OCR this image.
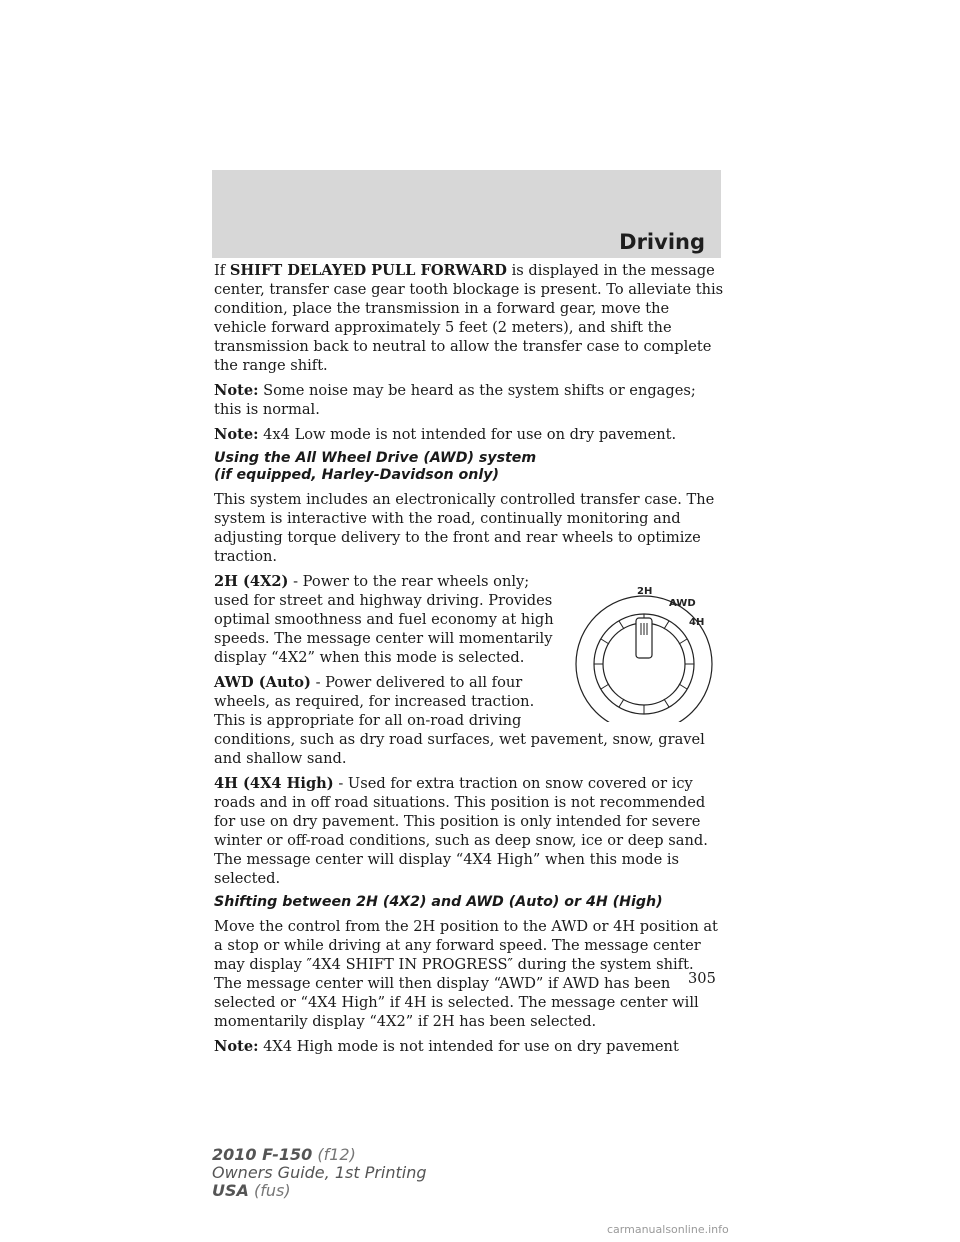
Driving

If SHIFT DELAYED PULL FORWARD is displayed in the message center, transfer case gear tooth blockage is present. To alleviate this condition, place the transmission in a forward gear, move the vehicle forward approximately 5 feet (2 meters), and shift the transmission back to neutral to allow the transfer case to complete the range shift.

Note: Some noise may be heard as the system shifts or engages; this is normal.

Note: 4x4 Low mode is not intended for use on dry pavement.

Using the All Wheel Drive (AWD) system
(if equipped, Harley-Davidson only)

This system includes an electronically controlled transfer case. The system is interactive with the road, continually monitoring and adjusting torque delivery to the front and rear wheels to optimize traction.

2H
AWD
4H

2H (4X2) - Power to the rear wheels only; used for street and highway driving. Provides optimal smoothness and fuel economy at high speeds. The message center will momentarily display “4X2” when this mode is selected.

AWD (Auto) - Power delivered to all four wheels, as required, for increased traction. This is appropriate for all on-road driving conditions, such as dry road surfaces, wet pavement, snow, gravel and shallow sand.

4H (4X4 High) - Used for extra traction on snow covered or icy roads and in off road situations. This position is not recommended for use on dry pavement. This position is only intended for severe winter or off-road conditions, such as deep snow, ice or deep sand. The message center will display “4X4 High” when this mode is selected.

Shifting between 2H (4X2) and AWD (Auto) or 4H (High)

Move the control from the 2H position to the AWD or 4H position at a stop or while driving at any forward speed. The message center may display ″4X4 SHIFT IN PROGRESS″ during the system shift. The message center will then display “AWD” if AWD has been selected or “4X4 High” if 4H is selected. The message center will momentarily display “4X2” if 2H has been selected.

Note: 4X4 High mode is not intended for use on dry pavement

305
2010 F-150 (f12)
Owners Guide, 1st Printing
USA (fus)
carmanualsonline.info
